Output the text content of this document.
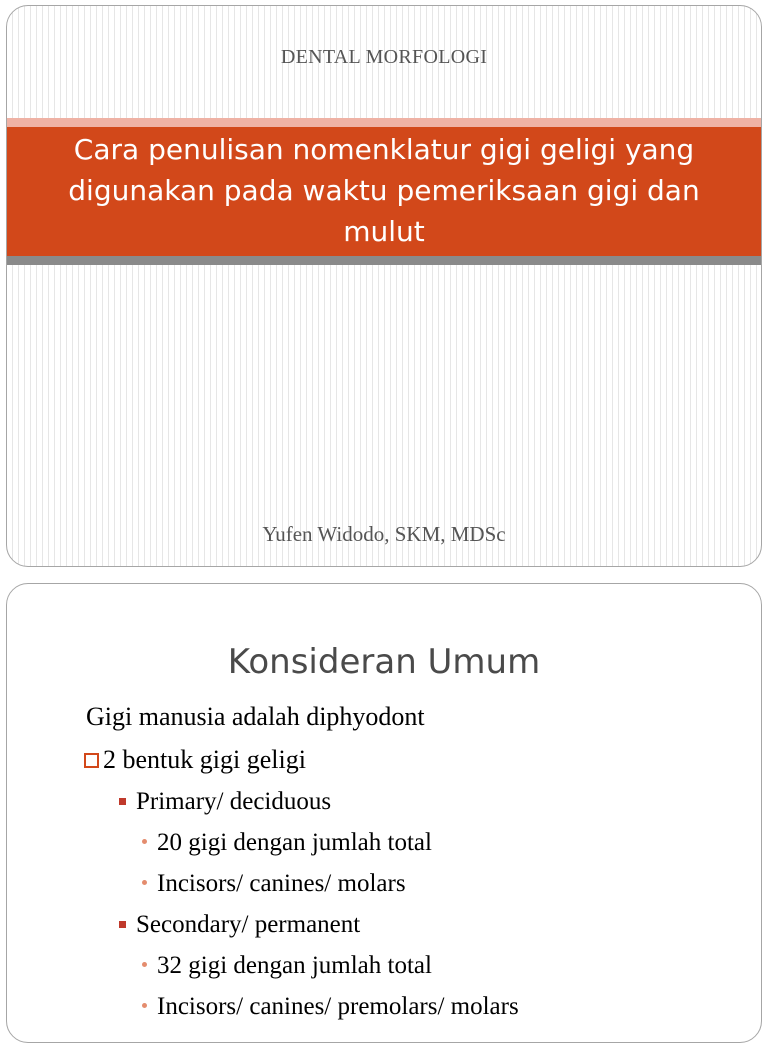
DENTAL MORFOLOGI
Cara penulisan nomenklatur gigi geligi yang digunakan pada waktu pemeriksaan gigi dan mulut
Yufen Widodo, SKM, MDSc
Konsideran Umum
Gigi manusia adalah diphyodont
2 bentuk gigi geligi
Primary/ deciduous
20 gigi dengan jumlah total
Incisors/ canines/ molars
Secondary/ permanent
32 gigi dengan jumlah total
Incisors/ canines/ premolars/ molars
